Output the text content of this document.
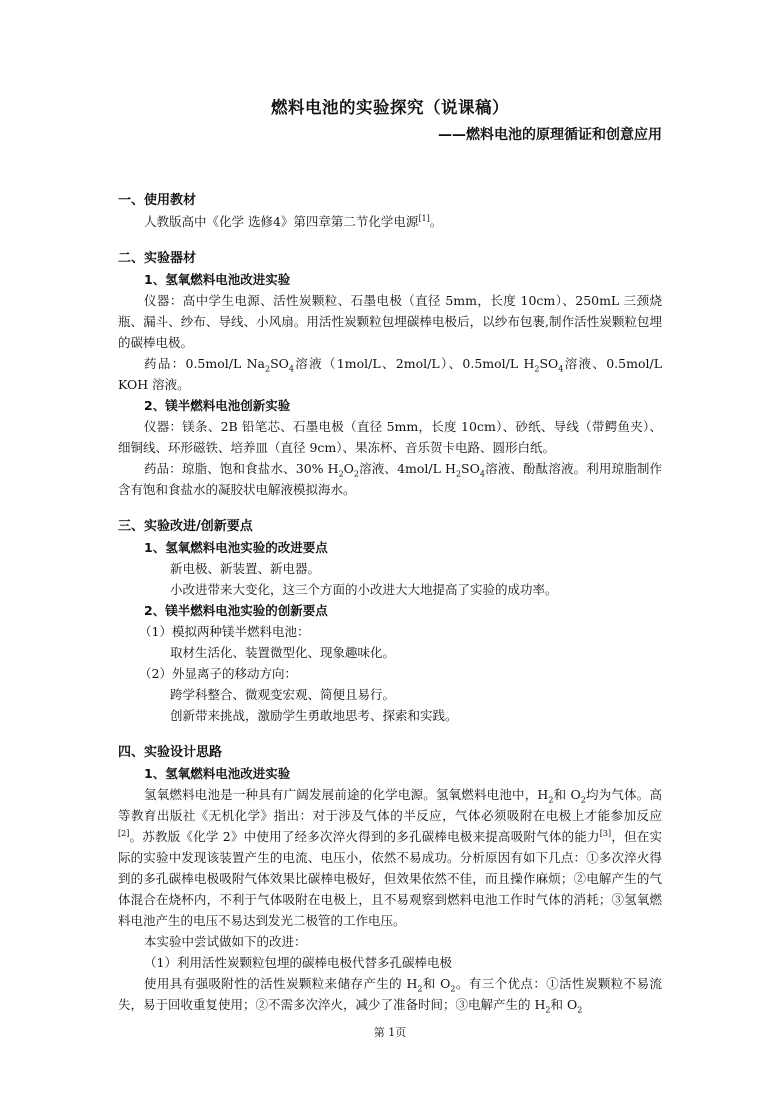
燃料电池的实验探究（说课稿）
——燃料电池的原理循证和创意应用
一、使用教材
人教版高中《化学 选修4》第四章第二节化学电源[1]。
二、实验器材
1、氢氧燃料电池改进实验
仪器：高中学生电源、活性炭颗粒、石墨电极（直径 5mm，长度 10cm）、250mL 三颈烧瓶、漏斗、纱布、导线、小风扇。用活性炭颗粒包埋碳棒电极后，以纱布包裹,制作活性炭颗粒包埋的碳棒电极。
药品：0.5mol/L $Na_2SO_4$溶液（1mol/L、2mol/L）、0.5mol/L $H_2SO_4$溶液、0.5mol/L KOH 溶液。
2、镁半燃料电池创新实验
仪器：镁条、2B 铅笔芯、石墨电极（直径 5mm，长度 10cm）、砂纸、导线（带鳄鱼夹）、细铜线、环形磁铁、培养皿（直径 9cm）、果冻杯、音乐贺卡电路、圆形白纸。
药品：琼脂、饱和食盐水、30% $H_2O_2$溶液、4mol/L $H_2SO_4$溶液、酚酞溶液。利用琼脂制作含有饱和食盐水的凝胶状电解液模拟海水。
三、实验改进/创新要点
1、氢氧燃料电池实验的改进要点
新电极、新装置、新电器。
小改进带来大变化，这三个方面的小改进大大地提高了实验的成功率。
2、镁半燃料电池实验的创新要点
（1）模拟两种镁半燃料电池：
取材生活化、装置微型化、现象趣味化。
（2）外显离子的移动方向：
跨学科整合、微观变宏观、简便且易行。
创新带来挑战，激励学生勇敢地思考、探索和实践。
四、实验设计思路
1、氢氧燃料电池改进实验
氢氧燃料电池是一种具有广阔发展前途的化学电源。氢氧燃料电池中，$H_2$和 $O_2$均为气体。高等教育出版社《无机化学》指出：对于涉及气体的半反应，气体必须吸附在电极上才能参加反应[2]。苏教版《化学 2》中使用了经多次淬火得到的多孔碳棒电极来提高吸附气体的能力[3]，但在实际的实验中发现该装置产生的电流、电压小，依然不易成功。分析原因有如下几点：①多次淬火得到的多孔碳棒电极吸附气体效果比碳棒电极好，但效果依然不佳，而且操作麻烦；②电解产生的气体混合在烧杯内，不利于气体吸附在电极上，且不易观察到燃料电池工作时气体的消耗；③氢氧燃料电池产生的电压不易达到发光二极管的工作电压。
本实验中尝试做如下的改进：
（1）利用活性炭颗粒包埋的碳棒电极代替多孔碳棒电极
使用具有强吸附性的活性炭颗粒来储存产生的 $H_2$和 $O_2$。有三个优点：①活性炭颗粒不易流失，易于回收重复使用；②不需多次淬火，减少了准备时间；③电解产生的 $H_2$和 $O_2$
第 1页
